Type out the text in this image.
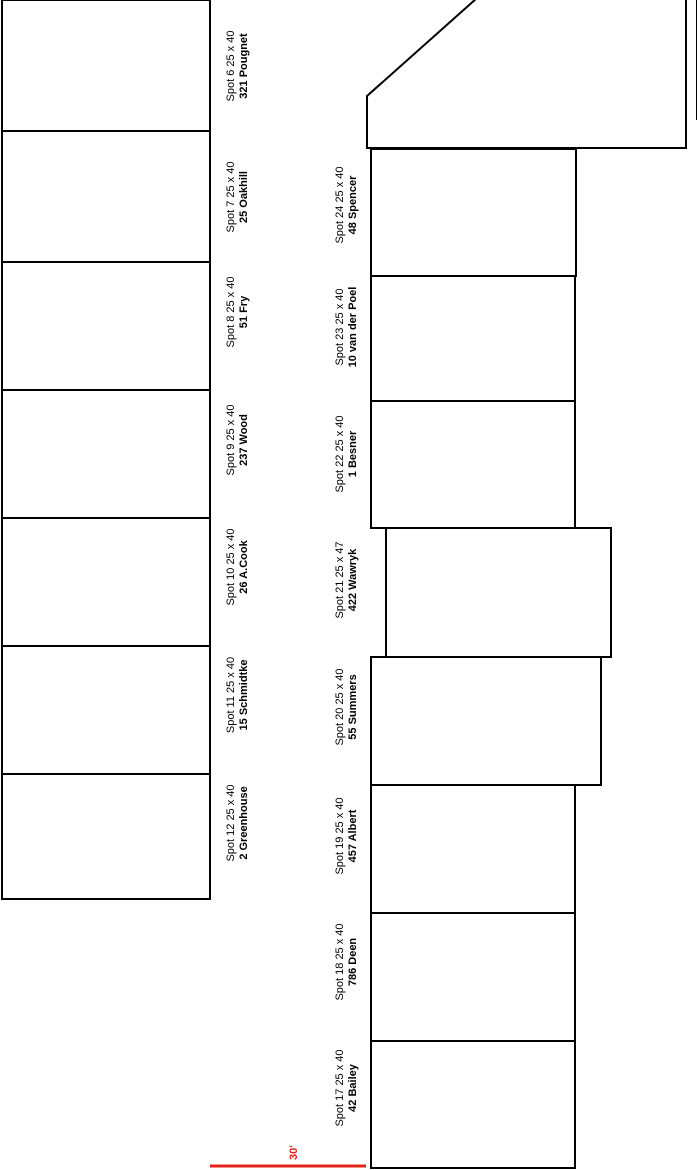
30'
Spot 6 25 x 40321 Pougnet
Spot 7 25 x 4025 Oakhill
Spot 8 25 x 4051 Fry
Spot 9 25 x 40237 Wood
Spot 10 25 x 4026 A.Cook
Spot 11 25 x 4015 Schmidtke
Spot 12 25 x 402 Greenhouse
Spot 24 25 x 4048 Spencer
Spot 23 25 x 4010 van der Poel
Spot 22 25 x 401 Besner
Spot 21 25 x 47422 Wawryk
Spot 20 25 x 4055 Summers
Spot 19 25 x 40457 Albert
Spot 18 25 x 40786 Deen
Spot 17 25 x 4042 Bailey
